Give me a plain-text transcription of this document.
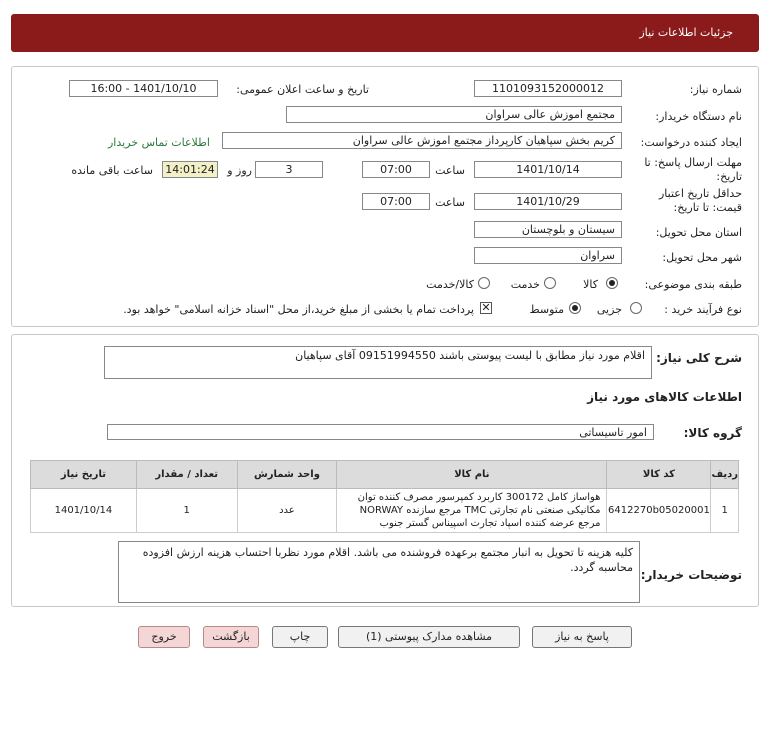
جزئیات اطلاعات نیاز
شماره نیاز:
1101093152000012
تاریخ و ساعت اعلان عمومی:
1401/10/10 - 16:00
نام دستگاه خریدار:
مجتمع اموزش عالی سراوان
ایجاد کننده درخواست:
کریم بخش سپاهیان کارپرداز مجتمع اموزش عالی سراوان
اطلاعات تماس خریدار
مهلت ارسال پاسخ: تا تاریخ:
1401/10/14
ساعت
07:00
روز و	3
14:01:24
ساعت باقی مانده
حداقل تاریخ اعتبار قیمت: تا تاریخ:
1401/10/29
ساعت
07:00
استان محل تحویل:
سیستان و بلوچستان
شهر محل تحویل:
سراوان
طبقه بندی موضوعی:
کالا
خدمت
کالا/خدمت
نوع فرآیند خرید :
جزیی
متوسط
✕
پرداخت تمام یا بخشی از مبلغ خرید،از محل "اسناد خزانه اسلامی" خواهد بود.
شرح کلی نیاز:
اقلام مورد نیاز مطابق با لیست پیوستی باشند 09151994550 آقای سپاهیان
اطلاعات کالاهای مورد نیاز
گروه کالا:
امور تاسیساتی
ردیف	کد کالا	نام کالا	واحد شمارش	تعداد / مقدار	تاریخ نیاز
1	6412270b05020001	هواساز کامل 300172 کاربرد کمپرسور مصرف کننده توان مکانیکی صنعتی نام تجارتی TMC مرجع سازنده NORWAY مرجع عرضه کننده اسپاد تجارت اسپیناس گستر جنوب	عدد	1	1401/10/14
توضیحات خریدار:
کلیه هزینه تا تحویل به انبار مجتمع برعهده فروشنده می باشد. اقلام مورد نظربا احتساب هزینه ارزش افزوده محاسبه گردد.
پاسخ به نیاز
مشاهده مدارک پیوستی (1)
چاپ
بازگشت
خروج
